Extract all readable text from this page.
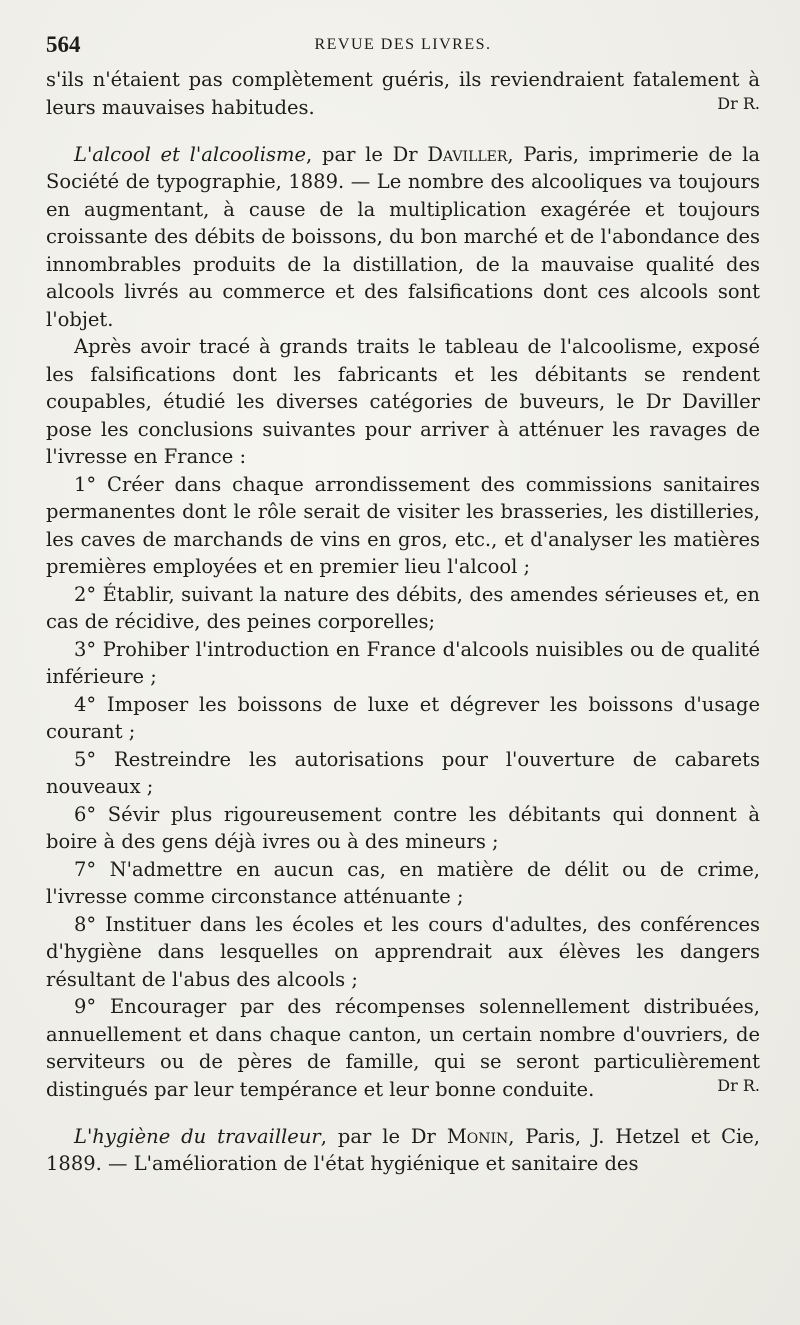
564	REVUE DES LIVRES.

s'ils n'étaient pas complètement guéris, ils reviendraient fatalement à leurs mauvaises habitudes.	Dr R.

L'alcool et l'alcoolisme, par le Dr Daviller, Paris, imprimerie de la Société de typographie, 1889. — Le nombre des alcooliques va toujours en augmentant, à cause de la multiplication exagérée et toujours croissante des débits de boissons, du bon marché et de l'abondance des innombrables produits de la distillation, de la mauvaise qualité des alcools livrés au commerce et des falsifications dont ces alcools sont l'objet.

Après avoir tracé à grands traits le tableau de l'alcoolisme, exposé les falsifications dont les fabricants et les débitants se rendent coupables, étudié les diverses catégories de buveurs, le Dr Daviller pose les conclusions suivantes pour arriver à atténuer les ravages de l'ivresse en France :

1° Créer dans chaque arrondissement des commissions sanitaires permanentes dont le rôle serait de visiter les brasseries, les distilleries, les caves de marchands de vins en gros, etc., et d'analyser les matières premières employées et en premier lieu l'alcool ;

2° Établir, suivant la nature des débits, des amendes sérieuses et, en cas de récidive, des peines corporelles;

3° Prohiber l'introduction en France d'alcools nuisibles ou de qualité inférieure ;

4° Imposer les boissons de luxe et dégrever les boissons d'usage courant ;

5° Restreindre les autorisations pour l'ouverture de cabarets nouveaux ;

6° Sévir plus rigoureusement contre les débitants qui donnent à boire à des gens déjà ivres ou à des mineurs ;

7° N'admettre en aucun cas, en matière de délit ou de crime, l'ivresse comme circonstance atténuante ;

8° Instituer dans les écoles et les cours d'adultes, des conférences d'hygiène dans lesquelles on apprendrait aux élèves les dangers résultant de l'abus des alcools ;

9° Encourager par des récompenses solennellement distribuées, annuellement et dans chaque canton, un certain nombre d'ouvriers, de serviteurs ou de pères de famille, qui se seront particulièrement distingués par leur tempérance et leur bonne conduite.	Dr R.

L'hygiène du travailleur, par le Dr Monin, Paris, J. Hetzel et Cie, 1889. — L'amélioration de l'état hygiénique et sanitaire des
